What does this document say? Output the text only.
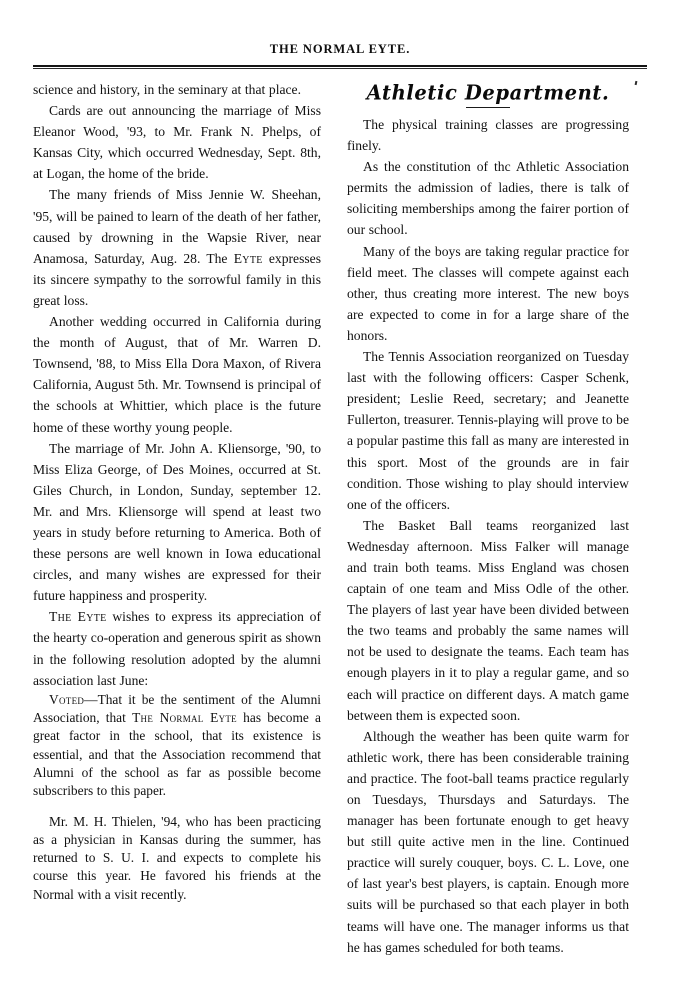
THE NORMAL EYTE.

science and history, in the seminary at that place.

Cards are out announcing the marriage of Miss Eleanor Wood, '93, to Mr. Frank N. Phelps, of Kansas City, which occurred Wednesday, Sept. 8th, at Logan, the home of the bride.

The many friends of Miss Jennie W. Sheehan, '95, will be pained to learn of the death of her father, caused by drowning in the Wapsie River, near Anamosa, Saturday, Aug. 28. The Eyte expresses its sincere sympathy to the sorrowful family in this great loss.

Another wedding occurred in California during the month of August, that of Mr. Warren D. Townsend, '88, to Miss Ella Dora Maxon, of Rivera California, August 5th. Mr. Townsend is principal of the schools at Whittier, which place is the future home of these worthy young people.

The marriage of Mr. John A. Kliensorge, '90, to Miss Eliza George, of Des Moines, occurred at St. Giles Church, in London, Sunday, september 12. Mr. and Mrs. Kliensorge will spend at least two years in study before returning to America. Both of these persons are well known in Iowa educational circles, and many wishes are expressed for their future happiness and prosperity.

The Eyte wishes to express its appreciation of the hearty co-operation and generous spirit as shown in the following resolution adopted by the alumni association last June:

Voted—That it be the sentiment of the Alumni Association, that The Normal Eyte has become a great factor in the school, that its existence is essential, and that the Association recommend that Alumni of the school as far as possible become subscribers to this paper.

Mr. M. H. Thielen, '94, who has been practicing as a physician in Kansas during the summer, has returned to S. U. I. and expects to complete his course this year. He favored his friends at the Normal with a visit recently.

Athletic Department.

The physical training classes are progressing finely.

As the constitution of thc Athletic Association permits the admission of ladies, there is talk of soliciting memberships among the fairer portion of our school.

Many of the boys are taking regular practice for field meet. The classes will compete against each other, thus creating more interest. The new boys are expected to come in for a large share of the honors.

The Tennis Association reorganized on Tuesday last with the following officers: Casper Schenk, president; Leslie Reed, secretary; and Jeanette Fullerton, treasurer. Tennis-playing will prove to be a popular pastime this fall as many are interested in this sport. Most of the grounds are in fair condition. Those wishing to play should interview one of the officers.

The Basket Ball teams reorganized last Wednesday afternoon. Miss Falker will manage and train both teams. Miss England was chosen captain of one team and Miss Odle of the other. The players of last year have been divided between the two teams and probably the same names will not be used to designate the teams. Each team has enough players in it to play a regular game, and so each will practice on different days. A match game between them is expected soon.

Although the weather has been quite warm for athletic work, there has been considerable training and practice. The foot-ball teams practice regularly on Tuesdays, Thursdays and Saturdays. The manager has been fortunate enough to get heavy but still quite active men in the line. Continued practice will surely couquer, boys. C. L. Love, one of last year's best players, is captain. Enough more suits will be purchased so that each player in both teams will have one. The manager informs us that he has games scheduled for both teams.
